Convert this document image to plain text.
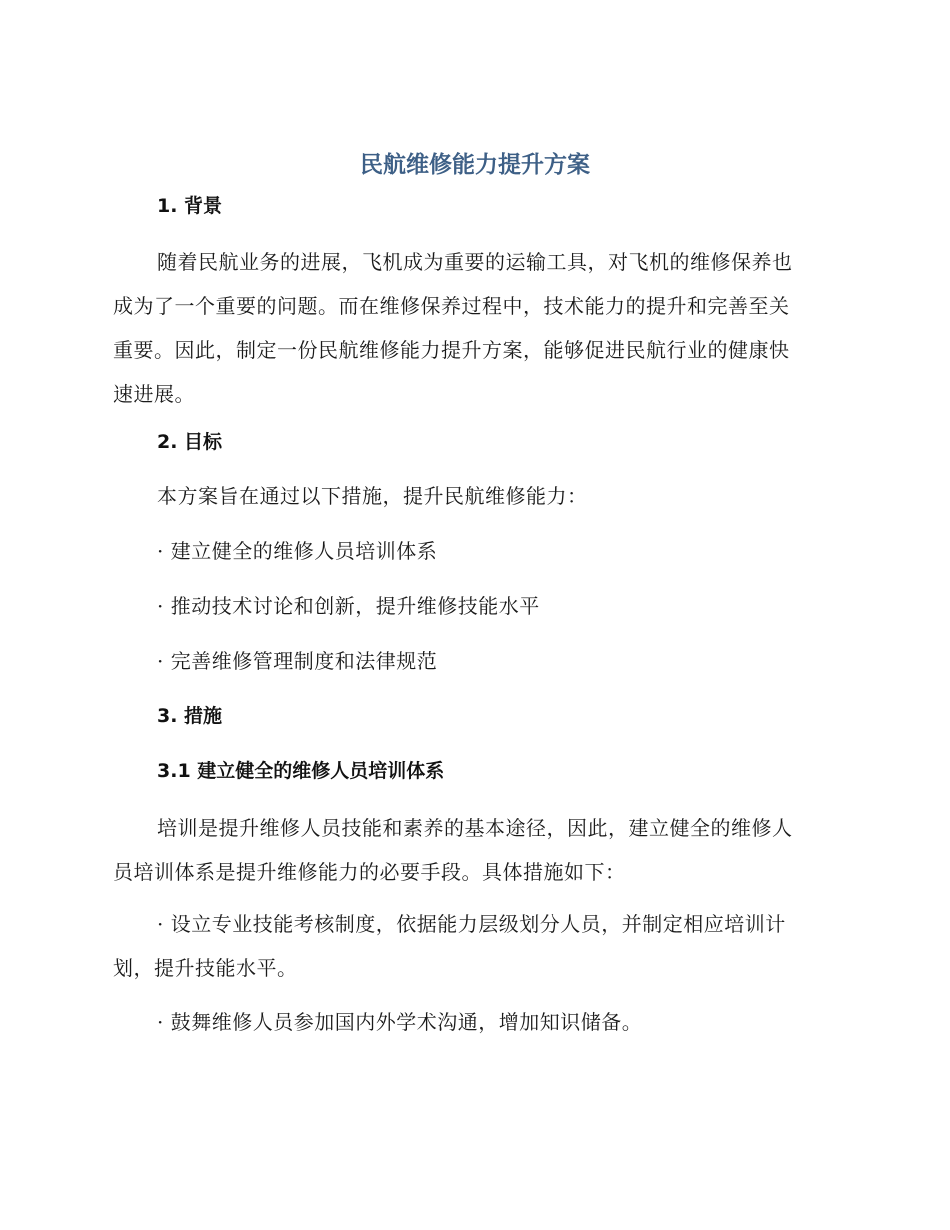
民航维修能力提升方案
1. 背景
随着民航业务的进展，飞机成为重要的运输工具，对飞机的维修保养也
成为了一个重要的问题。而在维修保养过程中，技术能力的提升和完善至关
重要。因此，制定一份民航维修能力提升方案，能够促进民航行业的健康快
速进展。
2. 目标
本方案旨在通过以下措施，提升民航维修能力：
· 建立健全的维修人员培训体系
· 推动技术讨论和创新，提升维修技能水平
· 完善维修管理制度和法律规范
3. 措施
3.1 建立健全的维修人员培训体系
培训是提升维修人员技能和素养的基本途径，因此，建立健全的维修人
员培训体系是提升维修能力的必要手段。具体措施如下：
· 设立专业技能考核制度，依据能力层级划分人员，并制定相应培训计
划，提升技能水平。
· 鼓舞维修人员参加国内外学术沟通，增加知识储备。
